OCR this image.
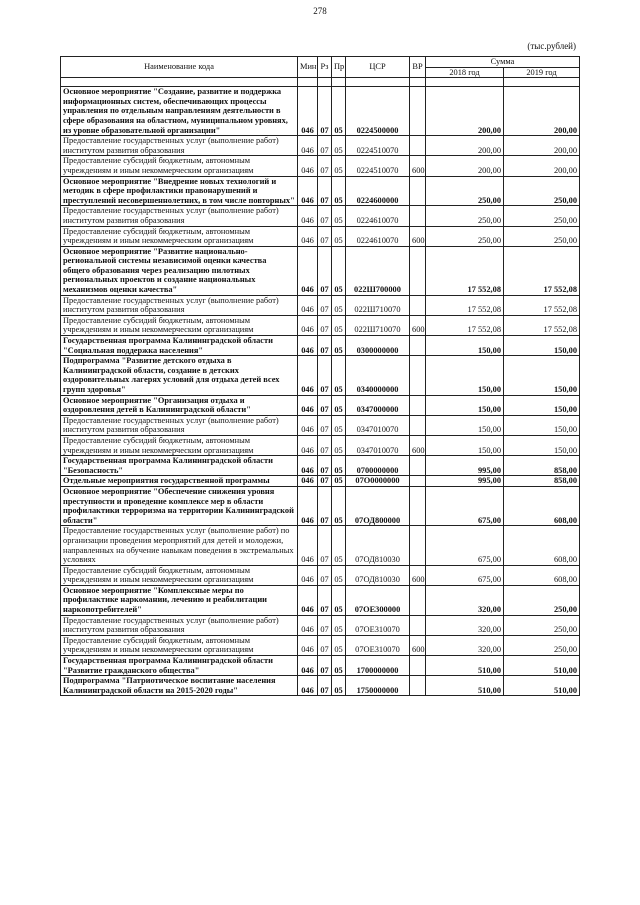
278
(тыс.рублей)
Наименование кода	Мин	Рз	Пр	ЦСР	ВР	Сумма	
						2018 год	2019 год

Основное мероприятие "Создание, развитие и поддержка информационных систем, обеспечивающих процессы управления по отдельным направлениям деятельности в сфере образования на областном, муниципальном уровнях, из уровне образовательной организации"	046	07	05	0224500000		200,00	200,00
Предоставление государственных услуг (выполнение работ) институтом развития образования	046	07	05	0224510070		200,00	200,00
Предоставление субсидий бюджетным, автономным учреждениям и иным некоммерческим организациям	046	07	05	0224510070	600	200,00	200,00
Основное мероприятие "Внедрение новых технологий и методик в сфере профилактики правонарушений и преступлений несовершеннолетних, в том числе повторных"	046	07	05	0224600000		250,00	250,00
Предоставление государственных услуг (выполнение работ) институтом развития образования	046	07	05	0224610070		250,00	250,00
Предоставление субсидий бюджетным, автономным учреждениям и иным некоммерческим организациям	046	07	05	0224610070	600	250,00	250,00
Основное мероприятие "Развитие национально-региональной системы независимой оценки качества общего образования через реализацию пилотных региональных проектов и создание национальных механизмов оценки качества"	046	07	05	022Ш700000		17 552,08	17 552,08
Предоставление государственных услуг (выполнение работ) институтом развития образования	046	07	05	022Ш710070		17 552,08	17 552,08
Предоставление субсидий бюджетным, автономным учреждениям и иным некоммерческим организациям	046	07	05	022Ш710070	600	17 552,08	17 552,08
Государственная программа Калининградской области "Социальная поддержка населения"	046	07	05	0300000000		150,00	150,00
Подпрограмма "Развитие детского отдыха в Калининградской области, создание в детских оздоровительных лагерях условий для отдыха детей всех групп здоровья"	046	07	05	0340000000		150,00	150,00
Основное мероприятие "Организация отдыха и оздоровления детей в Калининградской области"	046	07	05	0347000000		150,00	150,00
Предоставление государственных услуг (выполнение работ) институтом развития образования	046	07	05	0347010070		150,00	150,00
Предоставление субсидий бюджетным, автономным учреждениям и иным некоммерческим организациям	046	07	05	0347010070	600	150,00	150,00
Государственная программа Калининградской области "Безопасность"	046	07	05	0700000000		995,00	858,00
Отдельные мероприятия государственной программы	046	07	05	07О0000000		995,00	858,00
Основное мероприятие "Обеспечение снижения уровня преступности и проведение комплексе мер в области профилактики терроризма на территории Калининградской области"	046	07	05	07ОД800000		675,00	608,00
Предоставление государственных услуг (выполнение работ) по организации проведения мероприятий для детей и молодежи, направленных на обучение навыкам поведения в экстремальных условиях	046	07	05	07ОД810030		675,00	608,00
Предоставление субсидий бюджетным, автономным учреждениям и иным некоммерческим организациям	046	07	05	07ОД810030	600	675,00	608,00
Основное мероприятие "Комплексные меры по профилактике наркомании, лечению и реабилитации наркопотребителей"	046	07	05	07ОЕ300000		320,00	250,00
Предоставление государственных услуг (выполнение работ) институтом развития образования	046	07	05	07ОЕ310070		320,00	250,00
Предоставление субсидий бюджетным, автономным учреждениям и иным некоммерческим организациям	046	07	05	07ОЕ310070	600	320,00	250,00
Государственная программа Калининградской области "Развитие гражданского общества"	046	07	05	1700000000		510,00	510,00
Подпрограмма "Патриотическое воспитание населения Калининградской области на 2015-2020 годы"	046	07	05	1750000000		510,00	510,00
